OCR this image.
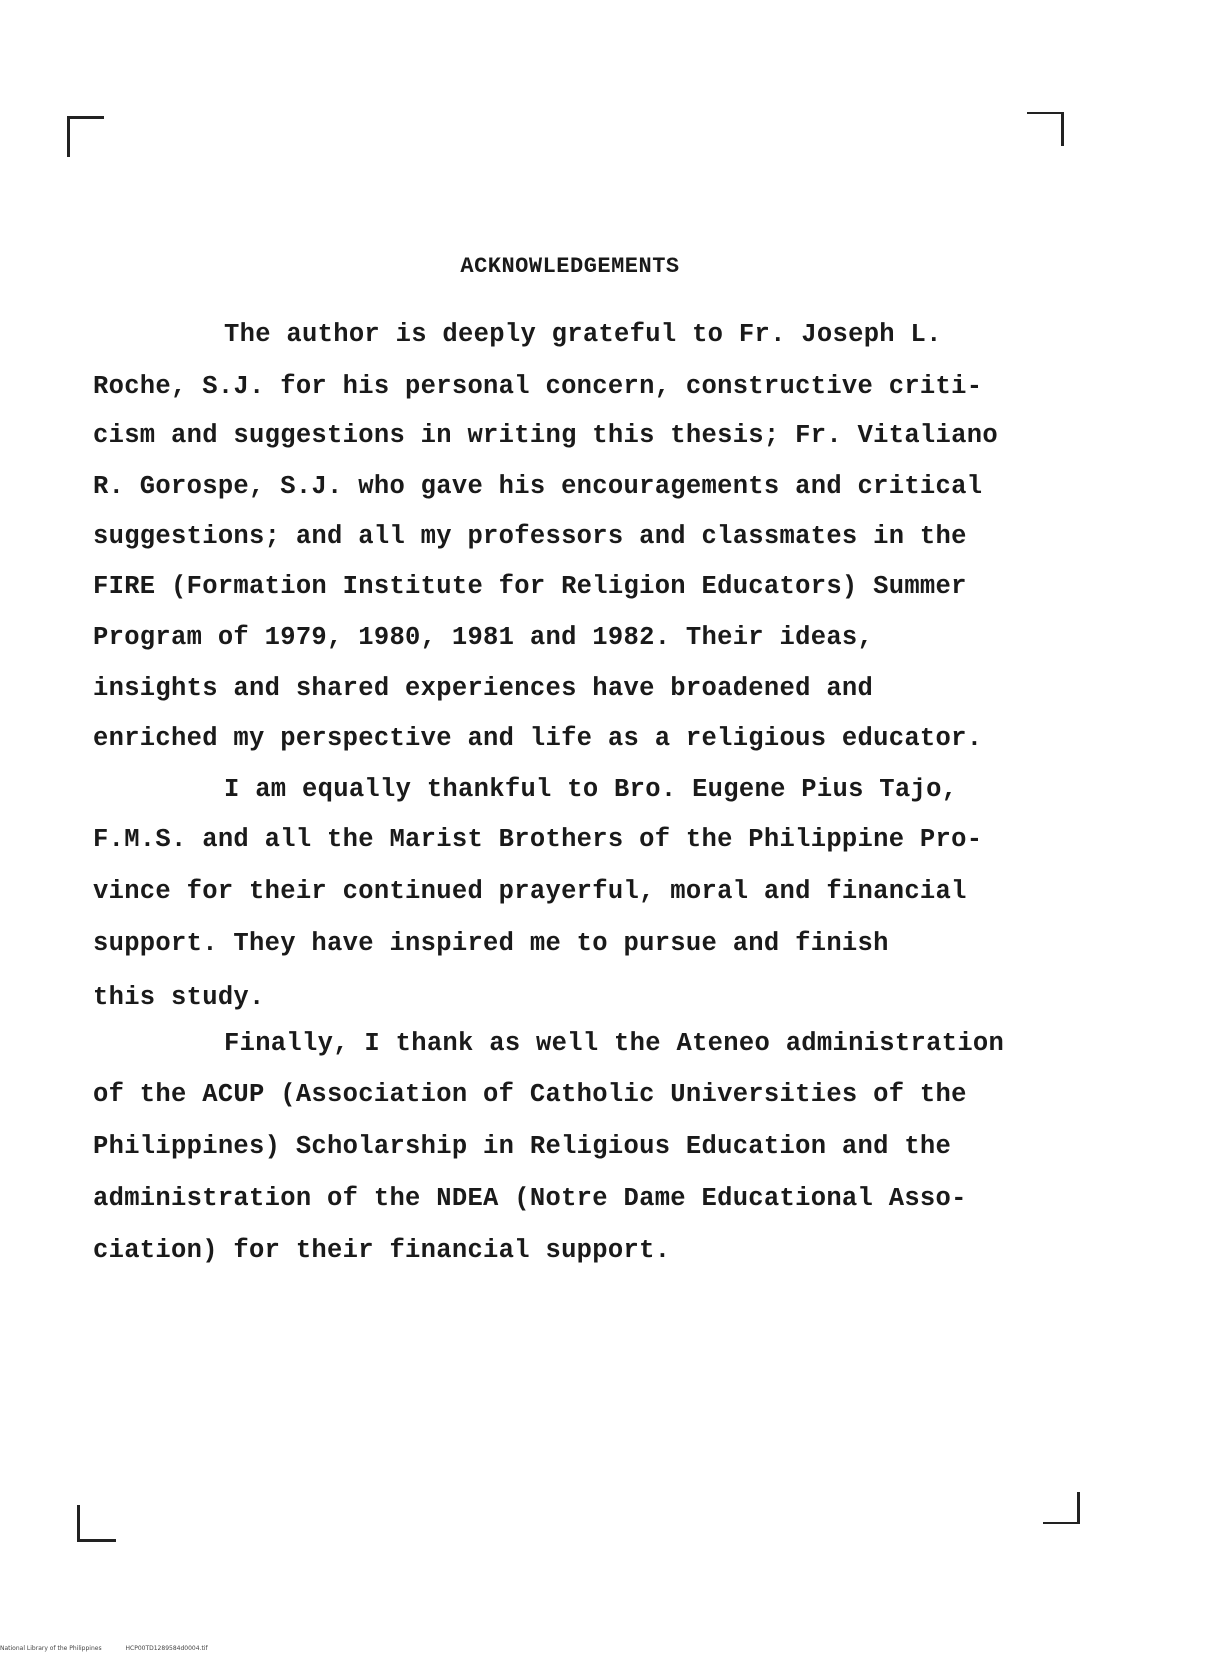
ACKNOWLEDGEMENTS
The author is deeply grateful to Fr. Joseph L.
Roche, S.J. for his personal concern, constructive criti-
cism and suggestions in writing this thesis; Fr. Vitaliano
R. Gorospe, S.J. who gave his encouragements and critical
suggestions; and all my professors and classmates in the
FIRE (Formation Institute for Religion Educators) Summer
Program of 1979, 1980, 1981 and 1982. Their ideas,
insights and shared experiences have broadened and
enriched my perspective and life as a religious educator.
I am equally thankful to Bro. Eugene Pius Tajo,
F.M.S. and all the Marist Brothers of the Philippine Pro-
vince for their continued prayerful, moral and financial
support. They have inspired me to pursue and finish
this study.
Finally, I thank as well the Ateneo administration
of the ACUP (Association of Catholic Universities of the
Philippines) Scholarship in Religious Education and the
administration of the NDEA (Notre Dame Educational Asso-
ciation) for their financial support.
National Library of the Philippines	HCP00TD1289584d0004.tif
